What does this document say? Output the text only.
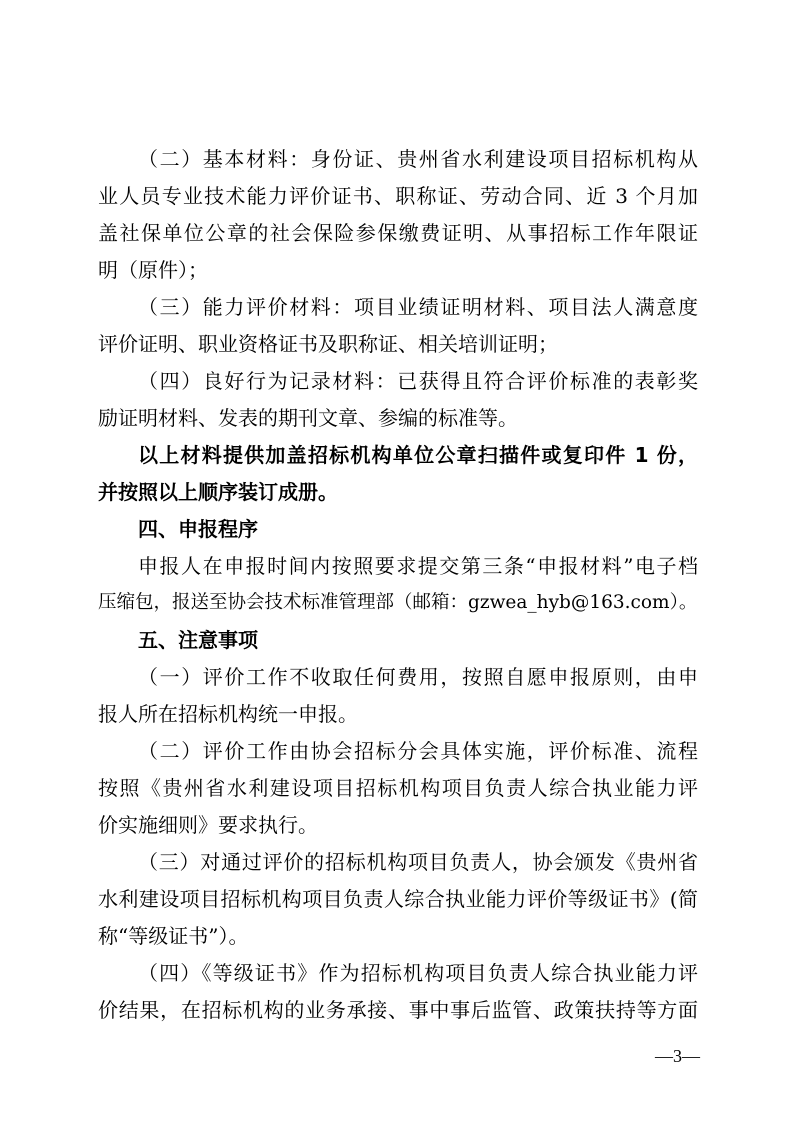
（二）基本材料：身份证、贵州省水利建设项目招标机构从
业人员专业技术能力评价证书、职称证、劳动合同、近 3 个月加
盖社保单位公章的社会保险参保缴费证明、从事招标工作年限证
明（原件）；
（三）能力评价材料：项目业绩证明材料、项目法人满意度
评价证明、职业资格证书及职称证、相关培训证明；
（四）良好行为记录材料：已获得且符合评价标准的表彰奖
励证明材料、发表的期刊文章、参编的标准等。
以上材料提供加盖招标机构单位公章扫描件或复印件 1 份，
并按照以上顺序装订成册。
四、申报程序
申报人在申报时间内按照要求提交第三条“申报材料”电子档
压缩包，报送至协会技术标准管理部（邮箱：gzwea_hyb@163.com）。
五、注意事项
（一）评价工作不收取任何费用，按照自愿申报原则，由申
报人所在招标机构统一申报。
（二）评价工作由协会招标分会具体实施，评价标准、流程
按照《贵州省水利建设项目招标机构项目负责人综合执业能力评
价实施细则》要求执行。
（三）对通过评价的招标机构项目负责人，协会颁发《贵州省
水利建设项目招标机构项目负责人综合执业能力评价等级证书》(简
称“等级证书”）。
（四）《等级证书》作为招标机构项目负责人综合执业能力评
价结果，在招标机构的业务承接、事中事后监管、政策扶持等方面
—3—
